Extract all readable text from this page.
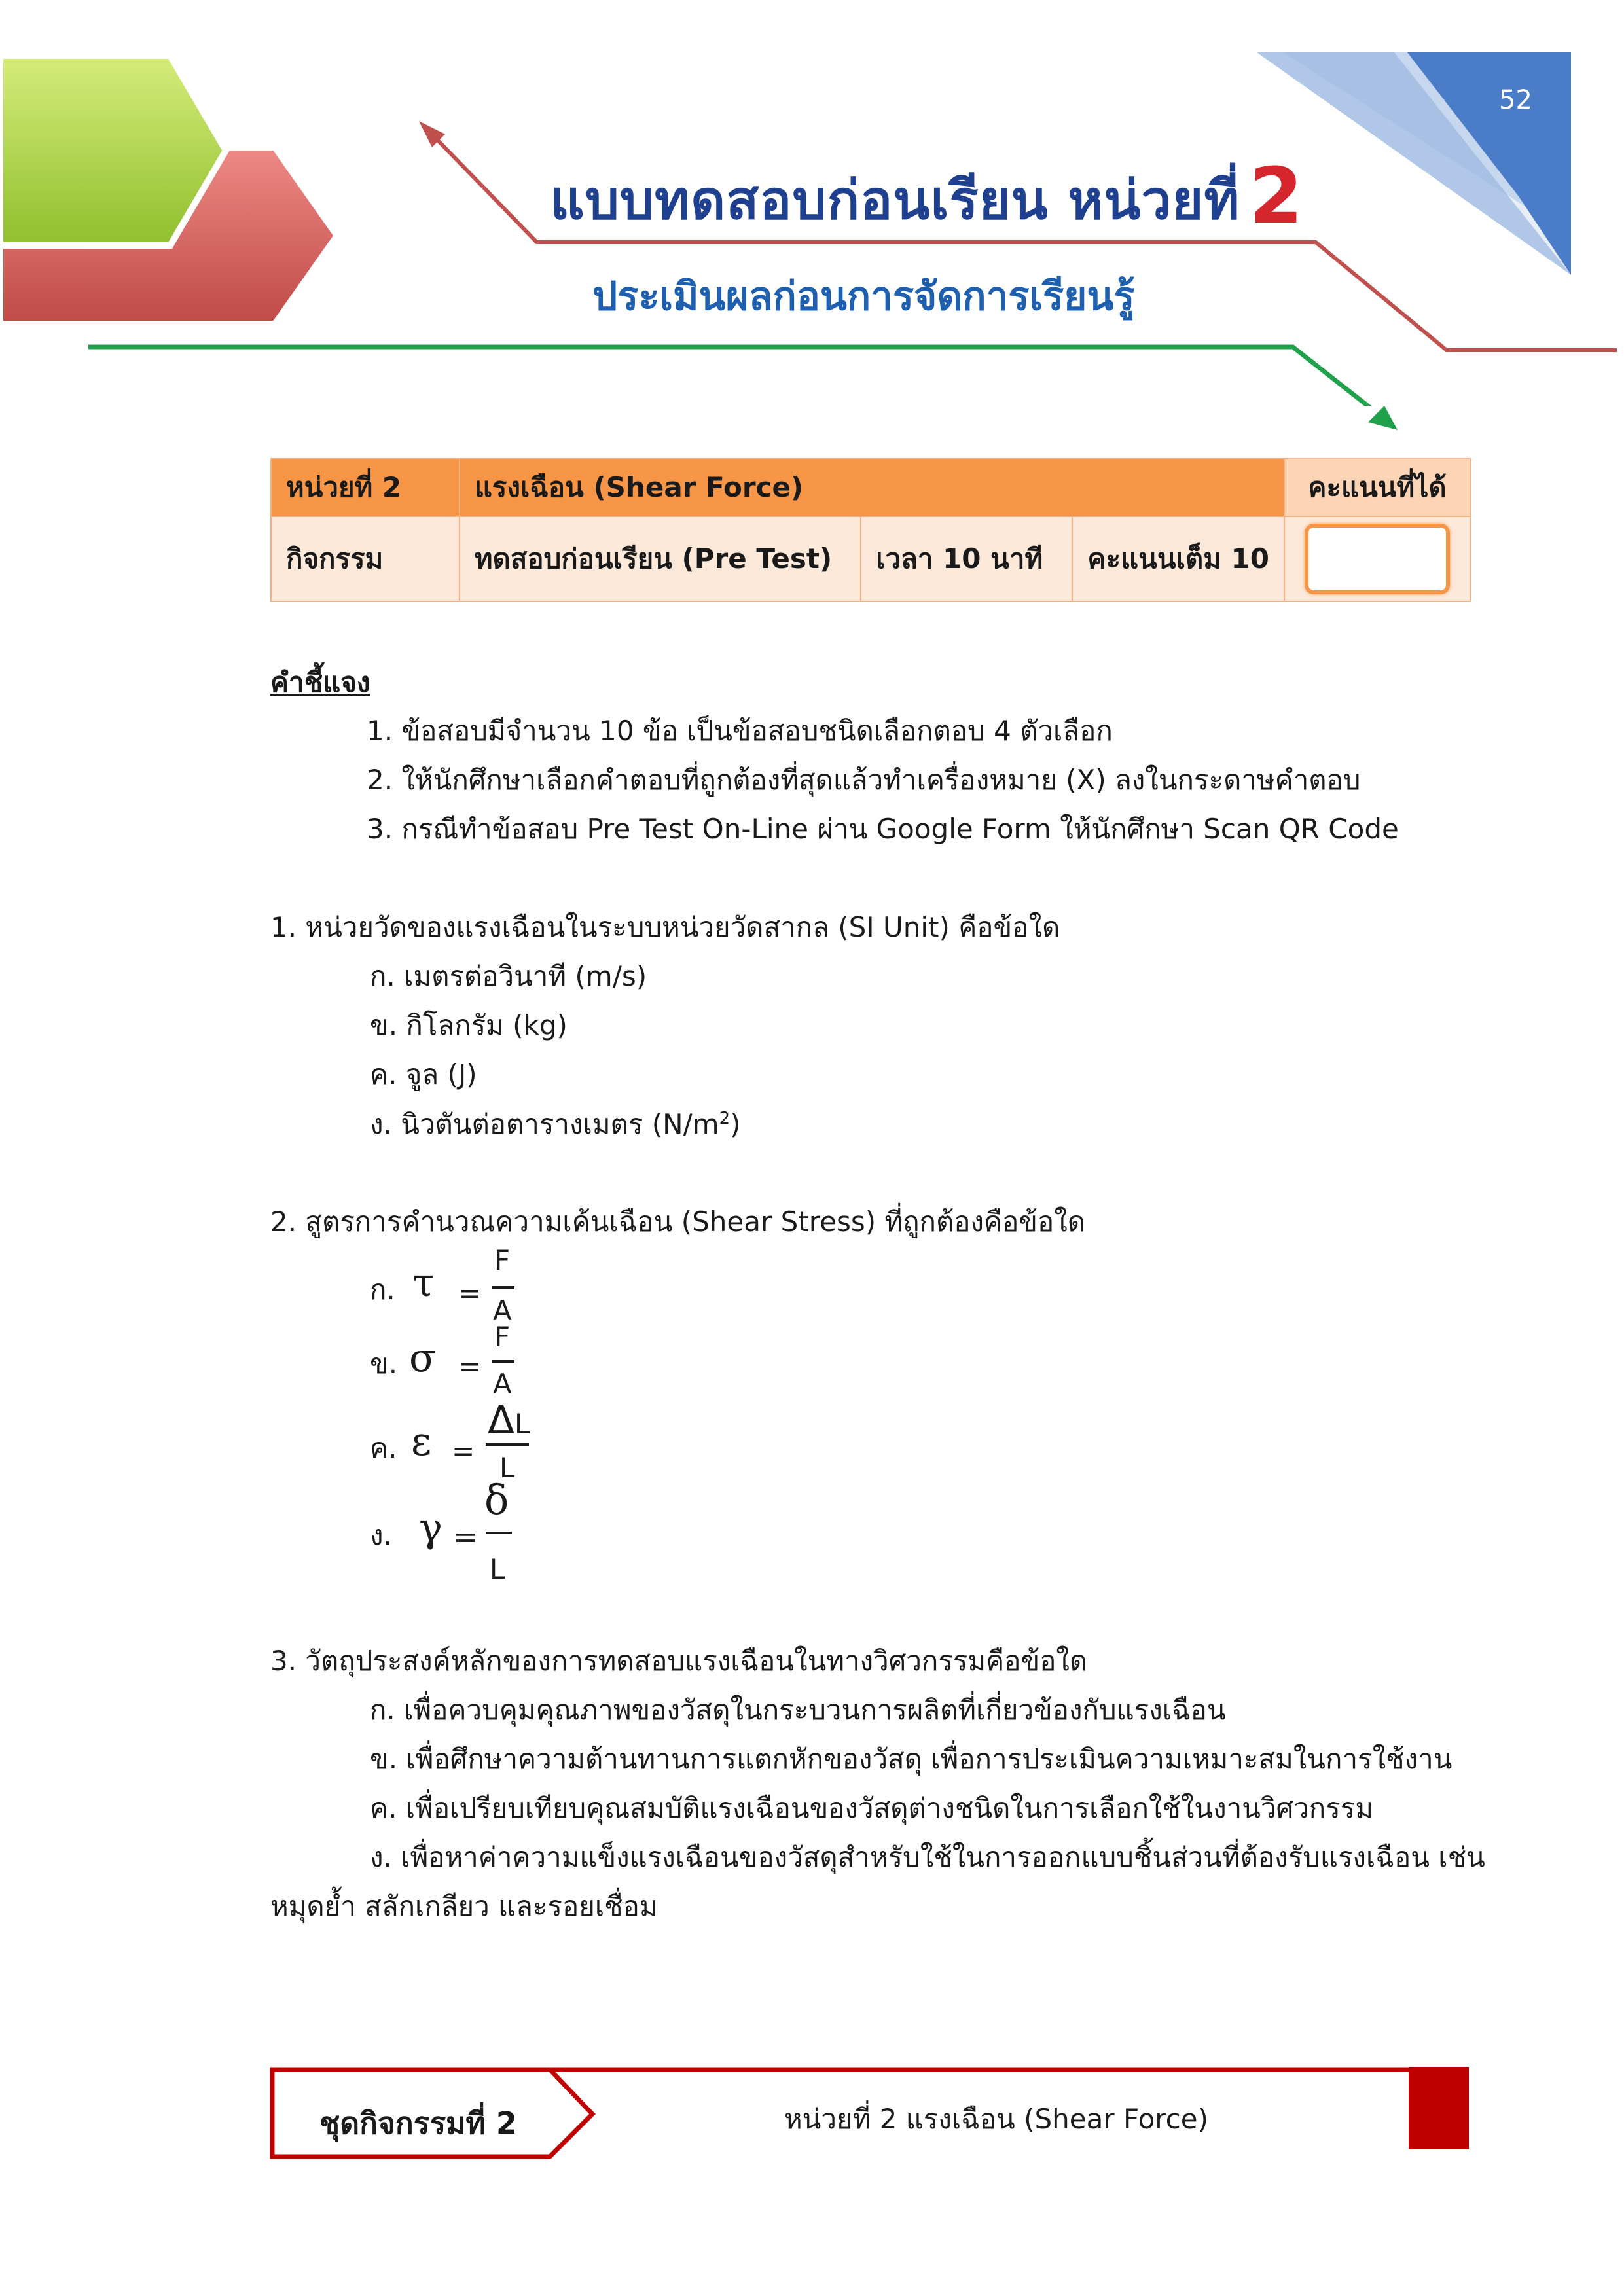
52
แบบทดสอบก่อนเรียน หน่วยที่ 2
ประเมินผลก่อนการจัดการเรียนรู้
หน่วยที่ 2	แรงเฉือน (Shear Force)			คะแนนที่ได้
กิจกรรม	ทดสอบก่อนเรียน (Pre Test)	เวลา 10 นาที	คะแนนเต็ม 10	
คำชี้แจง
1. ข้อสอบมีจำนวน 10 ข้อ เป็นข้อสอบชนิดเลือกตอบ 4 ตัวเลือก
2. ให้นักศึกษาเลือกคำตอบที่ถูกต้องที่สุดแล้วทำเครื่องหมาย (X) ลงในกระดาษคำตอบ
3. กรณีทำข้อสอบ Pre Test On-Line ผ่าน Google Form ให้นักศึกษา Scan QR Code
1. หน่วยวัดของแรงเฉือนในระบบหน่วยวัดสากล (SI Unit) คือข้อใด
ก. เมตรต่อวินาที (m/s)
ข. กิโลกรัม (kg)
ค. จูล (J)
ง. นิวตันต่อตารางเมตร $(N/m^2)$
2. สูตรการคำนวณความเค้นเฉือน (Shear Stress) ที่ถูกต้องคือข้อใด
ก. τ =
F
A
ข. σ =
F
A
ค. ε =
ΔL
L
ง. γ =
δ
L
3. วัตถุประสงค์หลักของการทดสอบแรงเฉือนในทางวิศวกรรมคือข้อใด
ก. เพื่อควบคุมคุณภาพของวัสดุในกระบวนการผลิตที่เกี่ยวข้องกับแรงเฉือน
ข. เพื่อศึกษาความต้านทานการแตกหักของวัสดุ เพื่อการประเมินความเหมาะสมในการใช้งาน
ค. เพื่อเปรียบเทียบคุณสมบัติแรงเฉือนของวัสดุต่างชนิดในการเลือกใช้ในงานวิศวกรรม
ง. เพื่อหาค่าความแข็งแรงเฉือนของวัสดุสำหรับใช้ในการออกแบบชิ้นส่วนที่ต้องรับแรงเฉือน เช่น
หมุดย้ำ สลักเกลียว และรอยเชื่อม
ชุดกิจกรรมที่ 2	หน่วยที่ 2 แรงเฉือน (Shear Force)
